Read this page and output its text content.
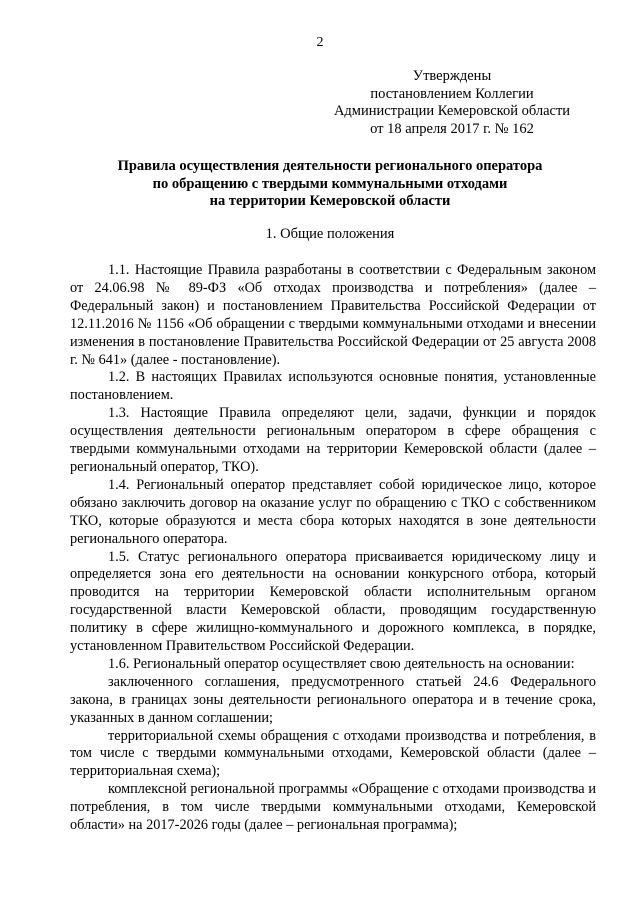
2
Утверждены
постановлением Коллегии
Администрации Кемеровской области
от 18 апреля 2017 г. № 162
Правила осуществления деятельности регионального оператора
по обращению с твердыми коммунальными отходами
на территории Кемеровской области
1. Общие положения

1.1. Настоящие Правила разработаны в соответствии с Федеральным законом от 24.06.98 № 89-ФЗ «Об отходах производства и потребления» (далее – Федеральный закон) и постановлением Правительства Российской Федерации от 12.11.2016 № 1156 «Об обращении с твердыми коммунальными отходами и внесении изменения в постановление Правительства Российской Федерации от 25 августа 2008 г. № 641» (далее - постановление).

1.2. В настоящих Правилах используются основные понятия, установленные постановлением.

1.3. Настоящие Правила определяют цели, задачи, функции и порядок осуществления деятельности региональным оператором в сфере обращения с твердыми коммунальными отходами на территории Кемеровской области (далее – региональный оператор, ТКО).

1.4. Региональный оператор представляет собой юридическое лицо, которое обязано заключить договор на оказание услуг по обращению с ТКО с собственником ТКО, которые образуются и места сбора которых находятся в зоне деятельности регионального оператора.

1.5. Статус регионального оператора присваивается юридическому лицу и определяется зона его деятельности на основании конкурсного отбора, который проводится на территории Кемеровской области исполнительным органом государственной власти Кемеровской области, проводящим государственную политику в сфере жилищно-коммунального и дорожного комплекса, в порядке, установленном Правительством Российской Федерации.

1.6. Региональный оператор осуществляет свою деятельность на основании:

заключенного соглашения, предусмотренного статьей 24.6 Федерального закона, в границах зоны деятельности регионального оператора и в течение срока, указанных в данном соглашении;

территориальной схемы обращения с отходами производства и потребления, в том числе с твердыми коммунальными отходами, Кемеровской области (далее – территориальная схема);

комплексной региональной программы «Обращение с отходами производства и потребления, в том числе твердыми коммунальными отходами, Кемеровской области» на 2017-2026 годы (далее – региональная программа);
